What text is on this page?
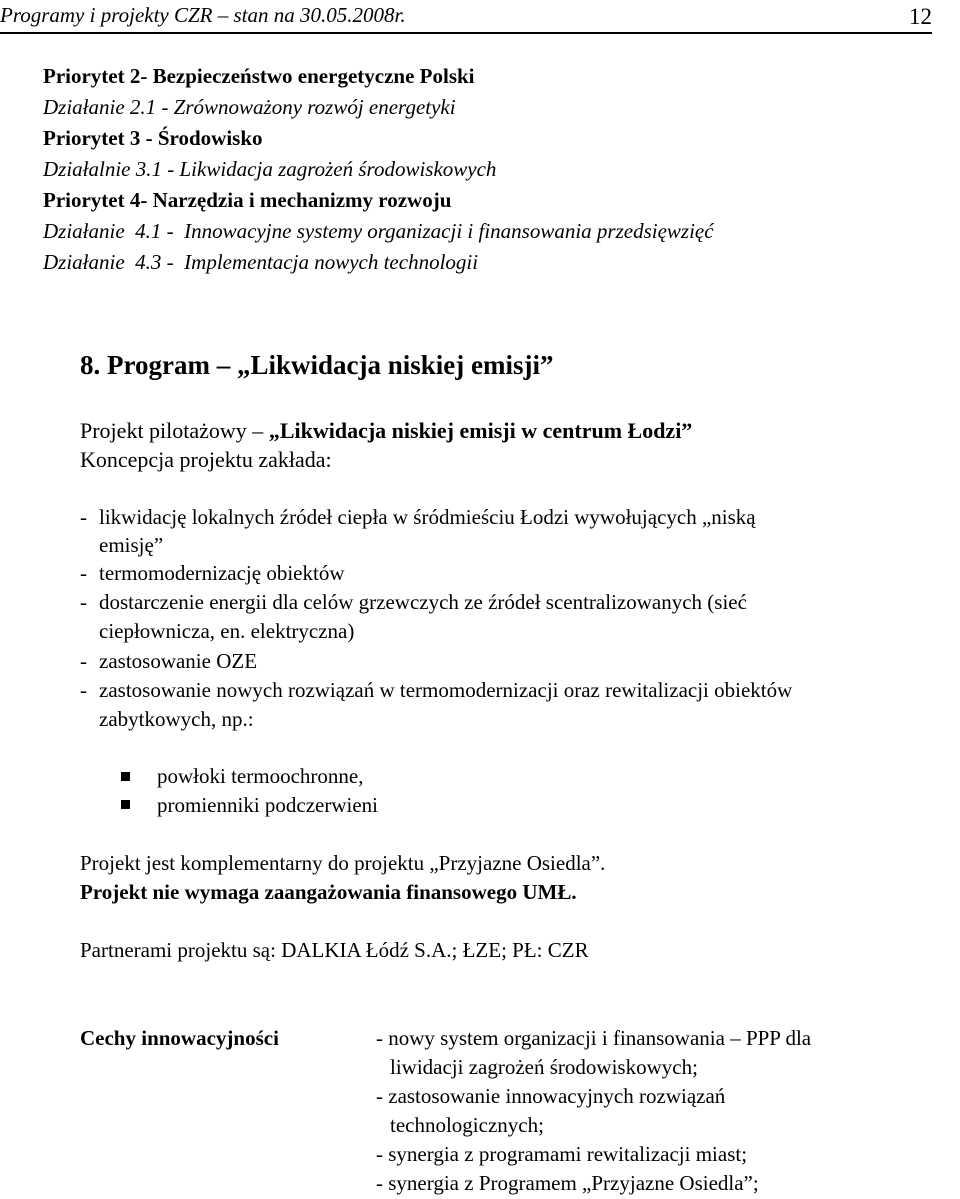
Programy i projekty CZR – stan na 30.05.2008r.	12
Priorytet 2- Bezpieczeństwo energetyczne Polski
Działanie 2.1 - Zrównoważony rozwój energetyki
Priorytet 3 - Środowisko
Działalnie 3.1 - Likwidacja zagrożeń środowiskowych
Priorytet 4- Narzędzia i mechanizmy rozwoju
Działanie  4.1 -  Innowacyjne systemy organizacji i finansowania przedsięwzięć
Działanie  4.3 -  Implementacja nowych technologii
8. Program – „Likwidacja niskiej emisji”
Projekt pilotażowy – „Likwidacja niskiej emisji w centrum Łodzi”
Koncepcja projektu zakłada:
- likwidację lokalnych źródeł ciepła w śródmieściu Łodzi wywołujących „niską
emisję”
- termomodernizację obiektów
- dostarczenie energii dla celów grzewczych ze źródeł scentralizowanych (sieć
ciepłownicza, en. elektryczna)
- zastosowanie OZE
- zastosowanie nowych rozwiązań w termomodernizacji oraz rewitalizacji obiektów
zabytkowych, np.:
powłoki termoochronne,
promienniki podczerwieni
Projekt jest komplementarny do projektu „Przyjazne Osiedla”.
Projekt nie wymaga zaangażowania finansowego UMŁ.
Partnerami projektu są: DALKIA Łódź S.A.; ŁZE; PŁ: CZR
Cechy innowacyjności	- nowy system organizacji i finansowania – PPP dla
liwidacji zagrożeń środowiskowych;
- zastosowanie innowacyjnych rozwiązań
technologicznych;
- synergia z programami rewitalizacji miast;
- synergia z Programem „Przyjazne Osiedla”;
